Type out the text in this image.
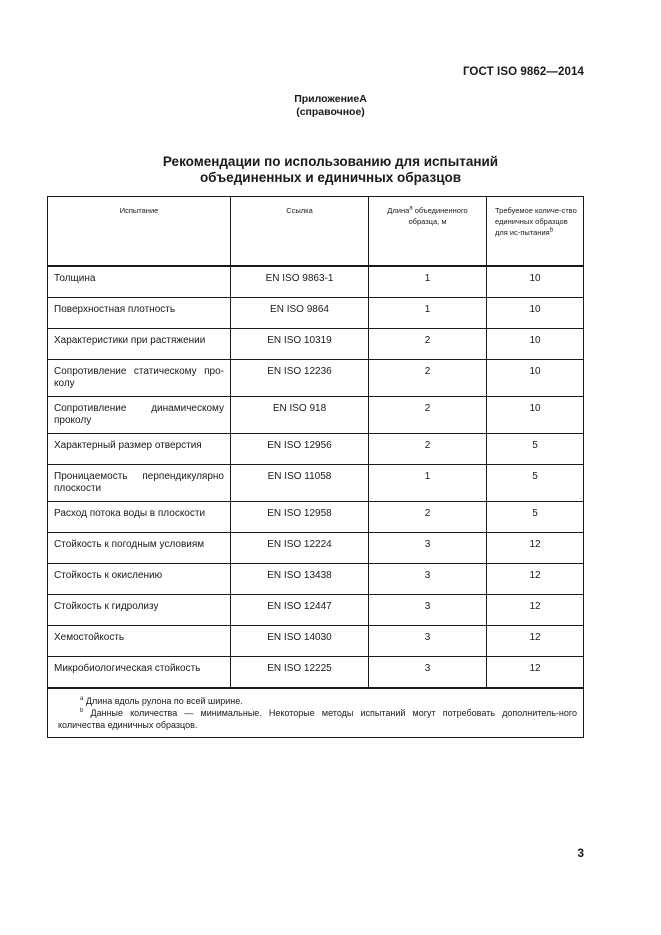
ГОСТ ISO 9862—2014
ПриложениеА
(справочное)
Рекомендации по использованию для испытаний
объединенных и единичных образцов
Испытание	Ссылка	Длина$^a$ объединенного образца, м	Требуемое количе-ство единичных образцов для ис-пытания$^b$
Толщина	EN ISO 9863-1	1	10
Поверхностная плотность	EN ISO 9864	1	10
Характеристики при растяжении	EN ISO 10319	2	10
Сопротивление статическому про-колу	EN ISO 12236	2	10
Сопротивление динамическому проколу	EN ISO 918	2	10
Характерный размер отверстия	EN ISO 12956	2	5
Проницаемость перпендикулярно плоскости	EN ISO 11058	1	5
Расход потока воды в плоскости	EN ISO 12958	2	5
Стойкость к погодным условиям	EN ISO 12224	3	12
Стойкость к окислению	EN ISO 13438	3	12
Стойкость к гидролизу	EN ISO 12447	3	12
Хемостойкость	EN ISO 14030	3	12
Микробиологическая стойкость	EN ISO 12225	3	12

$^a$ Длина вдоль рулона по всей ширине.
$^b$ Данные количества — минимальные. Некоторые методы испытаний могут потребовать дополнитель-ного количества единичных образцов.			
3
